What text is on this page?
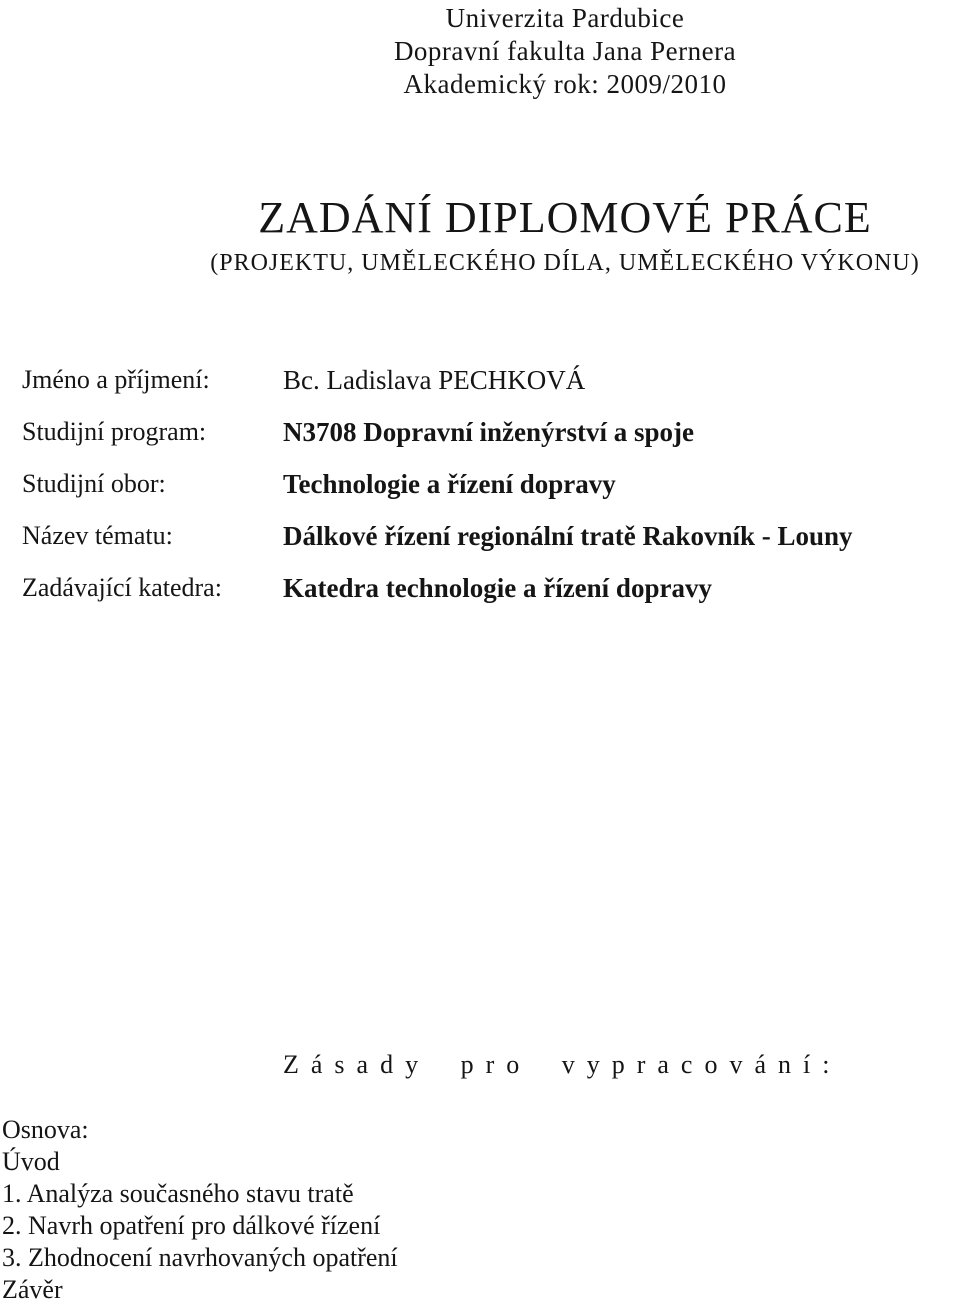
Univerzita Pardubice
Dopravní fakulta Jana Pernera
Akademický rok: 2009/2010
ZADÁNÍ DIPLOMOVÉ PRÁCE
(PROJEKTU, UMĚLECKÉHO DÍLA, UMĚLECKÉHO VÝKONU)
Jméno a příjmení:	Bc. Ladislava PECHKOVÁ
Studijní program:	N3708 Dopravní inženýrství a spoje
Studijní obor:	Technologie a řízení dopravy
Název tématu:	Dálkové řízení regionální tratě Rakovník - Louny
Zadávající katedra:	Katedra technologie a řízení dopravy
Zásady pro vypracování:
Osnova:
Úvod
1. Analýza současného stavu tratě
2. Navrh opatření pro dálkové řízení
3. Zhodnocení navrhovaných opatření
Závěr
